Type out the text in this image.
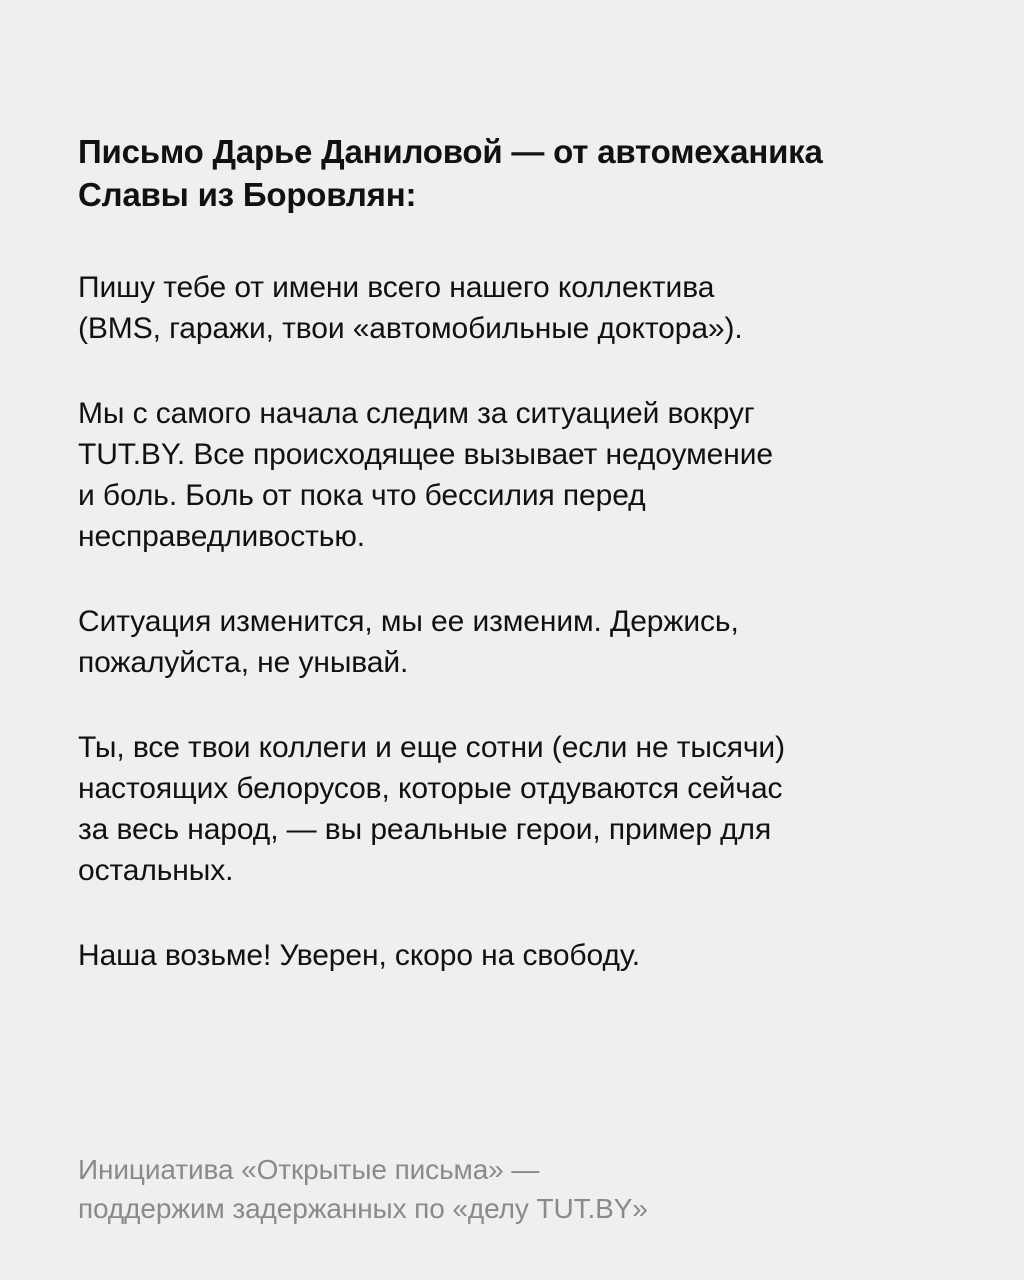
Письмо Дарье Даниловой — от автомеханика
Славы из Боровлян:

Пишу тебе от имени всего нашего коллектива
(BMS, гаражи, твои «автомобильные доктора»).

Мы с самого начала следим за ситуацией вокруг
TUT.BY. Все происходящее вызывает недоумение
и боль. Боль от пока что бессилия перед
несправедливостью.

Ситуация изменится, мы ее изменим. Держись,
пожалуйста, не унывай.

Ты, все твои коллеги и еще сотни (если не тысячи)
настоящих белорусов, которые отдуваются сейчас
за весь народ, — вы реальные герои, пример для
остальных.

Наша возьме! Уверен, скоро на свободу.

Инициатива «Открытые письма» —
поддержим задержанных по «делу TUT.BY»
